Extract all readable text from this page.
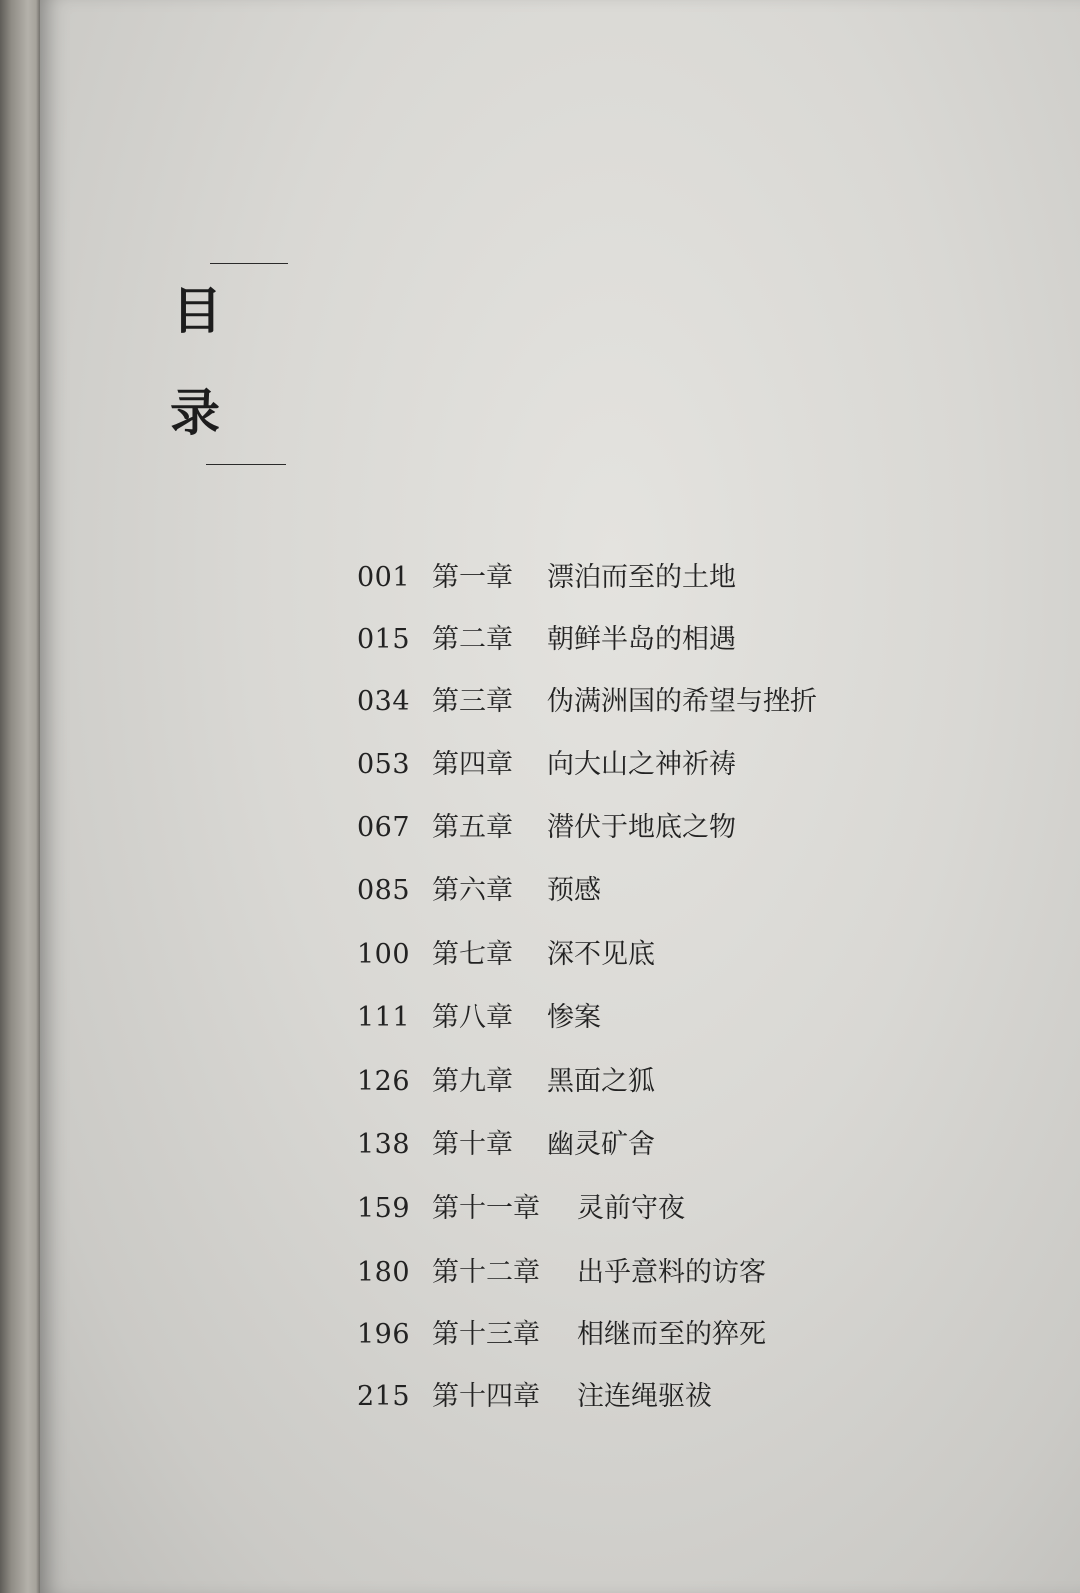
目
录
001 第一章 漂泊而至的土地
015 第二章 朝鲜半岛的相遇
034 第三章 伪满洲国的希望与挫折
053 第四章 向大山之神祈祷
067 第五章 潜伏于地底之物
085 第六章 预感
100 第七章 深不见底
111 第八章 惨案
126 第九章 黑面之狐
138 第十章 幽灵矿舍
159 第十一章 灵前守夜
180 第十二章 出乎意料的访客
196 第十三章 相继而至的猝死
215 第十四章 注连绳驱祓
